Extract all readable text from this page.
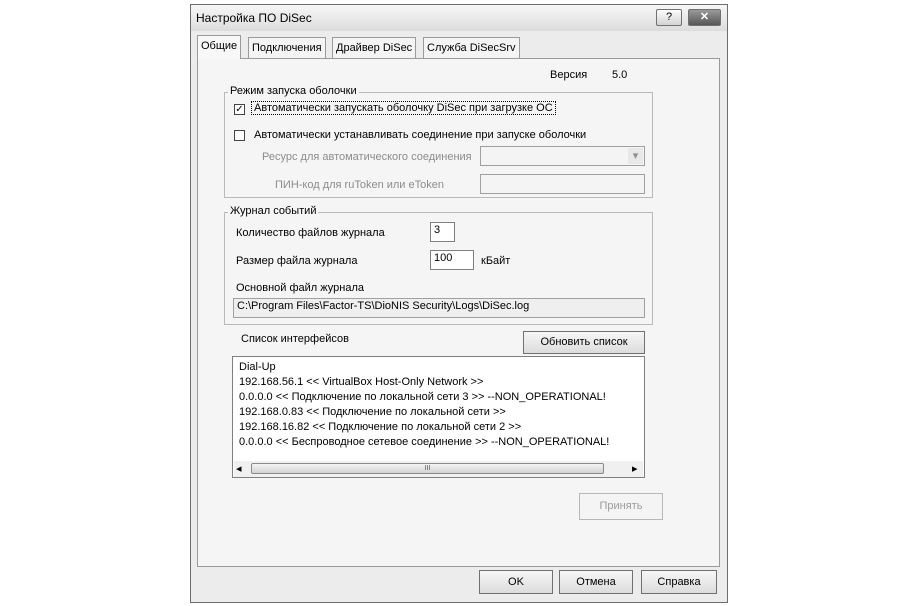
Настройка ПО DiSec	?	✕
Общие	Подключения	Драйвер DiSec	Служба DiSecSrv
Версия 5.0
Режим запуска оболочки
✓ Автоматически запускать оболочку DiSec при загрузке ОС
Автоматически устанавливать соединение при запуске оболочки
Ресурс для автоматического соединения	▾
ПИН-код для ruToken или eToken
Журнал событий
Количество файлов журнала	3
Размер файла журнала	100	кБайт
Основной файл журнала
C:\Program Files\Factor-TS\DioNIS Security\Logs\DiSec.log
Список интерфейсов	Обновить список
Dial-Up
192.168.56.1 << VirtualBox Host-Only Network >>
0.0.0.0 << Подключение по локальной сети 3 >> --NON_OPERATIONAL!
192.168.0.83 << Подключение по локальной сети >>
192.168.16.82 << Подключение по локальной сети 2 >>
0.0.0.0 << Беспроводное сетевое соединение >> --NON_OPERATIONAL!
◂	III	▸
Принять
OK	Отмена	Справка
